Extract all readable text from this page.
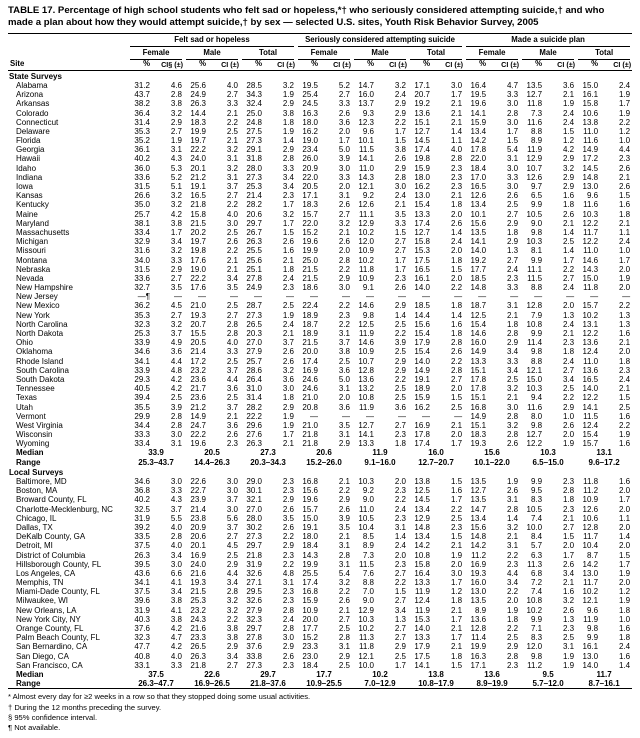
TABLE 17. Percentage of high school students who felt sad or hopeless,*† who seriously considered attempting suicide,† and who made a plan about how they would attempt suicide,† by sex — selected U.S. sites, Youth Risk Behavior Survey, 2005

	Felt sad or hopeless						Seriously considered attempting suicide						Made a suicide plan					

	Female		Male		Total		Female		Male		Total		Female		Male		Total	

Site	%	CI§ (±)	%	CI (±)	%	CI (±)	%	CI (±)	%	CI (±)	%	CI (±)	%	CI (±)	%	CI (±)	%	CI (±)
State Surveys																		
Alabama	31.2	4.6	25.6	4.0	28.5	3.2	19.5	5.2	14.7	3.2	17.1	3.0	16.4	4.7	13.5	3.6	15.0	2.4
Arizona	43.7	2.8	24.9	2.7	34.3	1.9	25.4	2.7	16.0	2.4	20.7	1.7	19.5	3.3	12.7	2.1	16.1	1.9
Arkansas	38.2	3.8	26.3	3.3	32.4	2.9	24.5	3.3	13.7	2.9	19.2	2.1	19.6	3.0	11.8	1.9	15.8	1.7
Colorado	36.4	3.2	14.4	2.1	25.0	3.8	16.3	2.6	9.3	2.9	13.6	2.1	14.1	2.8	7.3	2.4	10.6	1.9
Connecticut	31.4	2.9	18.3	2.2	24.8	1.8	18.0	3.6	12.3	2.2	15.1	2.1	15.9	3.0	11.6	2.4	13.8	2.2
Delaware	35.3	2.7	19.9	2.5	27.5	1.9	16.2	2.0	9.6	1.7	12.7	1.4	13.4	1.7	8.8	1.5	11.0	1.2
Florida	35.2	1.9	19.7	2.1	27.3	1.4	19.0	1.7	10.1	1.5	14.5	1.1	14.2	1.5	8.9	1.2	11.6	1.0
Georgia	36.1	3.1	22.2	3.2	29.1	2.9	23.4	5.0	11.5	3.8	17.4	4.0	17.8	5.4	11.9	4.2	14.9	4.4
Hawaii	40.2	4.3	24.0	3.1	31.8	2.8	26.0	3.9	14.1	2.6	19.8	2.8	22.0	3.1	12.9	2.9	17.2	2.3
Idaho	36.0	5.3	20.1	3.2	28.0	3.3	20.9	3.0	11.0	2.9	15.9	2.3	18.4	3.0	10.7	3.2	14.5	2.6
Indiana	33.6	5.2	21.2	3.1	27.3	3.4	22.0	3.3	14.3	2.8	18.0	2.3	17.0	3.3	12.6	2.9	14.8	2.1
Iowa	31.5	5.1	19.1	3.7	25.3	3.4	20.5	2.0	12.1	3.0	16.2	2.3	16.5	3.0	9.7	2.9	13.0	2.6
Kansas	26.6	3.2	16.5	2.7	21.4	2.3	17.1	3.1	9.2	2.4	13.0	2.1	12.6	2.6	6.5	1.6	9.6	1.5
Kentucky	35.0	3.2	21.8	2.2	28.2	1.7	18.3	2.6	12.6	2.1	15.4	1.8	13.4	2.5	9.9	1.8	11.6	1.6
Maine	25.7	4.2	15.8	4.0	20.6	3.2	15.7	2.7	11.1	3.5	13.3	2.0	10.1	2.7	10.5	2.6	10.3	1.8
Maryland	38.1	3.8	21.5	3.0	29.7	1.7	22.0	3.2	12.9	3.3	17.4	2.6	15.6	2.9	9.0	2.1	12.2	2.1
Massachusetts	33.4	1.7	20.2	2.5	26.7	1.5	15.2	2.1	10.2	1.5	12.7	1.4	13.5	1.8	9.8	1.4	11.7	1.1
Michigan	32.9	3.4	19.7	2.6	26.3	2.6	19.6	2.6	12.0	2.7	15.8	2.4	14.1	2.9	10.3	2.5	12.2	2.4
Missouri	31.6	3.2	19.8	2.2	25.5	1.6	19.9	2.0	10.9	2.7	15.3	2.0	14.0	1.3	8.1	1.4	11.0	1.0
Montana	34.0	3.3	17.6	2.1	25.6	2.1	25.0	2.8	10.2	1.7	17.5	1.8	19.2	2.7	9.9	1.7	14.6	1.7
Nebraska	31.5	2.9	19.0	2.1	25.1	1.8	21.5	2.2	11.8	1.7	16.5	1.5	17.7	2.4	11.1	2.2	14.3	2.0
Nevada	33.6	2.7	22.2	3.4	27.8	2.4	21.5	2.9	10.9	2.3	16.1	2.0	18.5	2.3	11.5	2.7	15.0	1.9
New Hampshire	32.7	3.5	17.6	3.5	24.9	2.3	18.6	3.0	9.1	2.6	14.0	2.2	14.8	3.3	8.8	2.4	11.8	2.0
New Jersey	—¶	—	—	—	—	—	—	—	—	—	—	—	—	—	—	—	—	—
New Mexico	36.2	4.5	21.0	2.5	28.7	2.5	22.4	2.2	14.6	2.9	18.5	1.8	18.7	3.1	12.8	2.0	15.7	2.2
New York	35.3	2.7	19.3	2.7	27.3	1.9	18.9	2.3	9.8	1.4	14.4	1.4	12.5	2.1	7.9	1.3	10.2	1.3
North Carolina	32.3	3.2	20.7	2.8	26.5	2.4	18.7	2.2	12.5	2.5	15.6	1.6	15.4	1.8	10.8	2.4	13.1	1.3
North Dakota	25.3	3.7	15.5	2.8	20.3	2.1	18.9	3.1	11.9	2.2	15.4	1.8	14.6	2.8	9.9	2.1	12.2	1.6
Ohio	33.9	4.9	20.5	4.0	27.0	3.7	21.5	3.7	14.6	3.9	17.9	2.8	16.0	2.9	11.4	2.3	13.6	2.1
Oklahoma	34.6	3.6	21.4	3.3	27.9	2.6	20.0	3.8	10.9	2.5	15.4	2.6	14.9	3.4	9.8	1.8	12.4	2.0
Rhode Island	34.1	4.4	17.2	2.5	25.7	2.6	17.4	2.5	10.7	2.9	14.0	2.2	13.3	3.3	8.8	2.4	11.0	1.8
South Carolina	33.9	4.8	23.2	3.7	28.6	3.2	16.9	3.6	12.8	2.9	14.9	2.8	15.1	3.4	12.1	2.7	13.6	2.3
South Dakota	29.3	4.2	23.6	4.4	26.4	3.6	24.6	5.0	13.6	2.2	19.1	2.7	17.8	2.5	15.0	3.4	16.5	2.4
Tennessee	40.5	4.2	21.7	3.6	31.0	3.0	24.6	3.1	13.2	2.5	18.9	2.0	17.8	3.2	10.3	2.5	14.0	2.1
Texas	39.4	2.5	23.6	2.5	31.4	1.8	21.0	2.0	10.8	2.5	15.9	1.5	15.1	2.1	9.4	2.2	12.2	1.5
Utah	35.5	3.9	21.2	3.7	28.2	2.9	20.8	3.6	11.9	3.6	16.2	2.5	16.8	3.0	11.6	2.9	14.1	2.5
Vermont	29.9	2.8	14.9	2.1	22.2	1.9	—	—	—	—	—	—	14.9	2.8	8.0	1.0	11.5	1.6
West Virginia	34.4	2.8	24.7	3.6	29.6	1.9	21.0	3.5	12.7	2.7	16.9	2.1	15.1	3.2	9.8	2.6	12.4	2.2
Wisconsin	33.3	3.0	22.2	2.6	27.6	1.7	21.8	3.1	14.1	2.3	17.8	2.0	18.3	2.8	12.7	2.0	15.4	1.9
Wyoming	33.4	3.1	19.6	2.3	26.3	2.1	21.8	2.9	13.3	1.8	17.4	1.7	19.3	2.6	12.2	1.9	15.7	1.6
Median	33.9		20.5		27.3		20.6		11.9		16.0		15.6		10.3		13.1	
Range	25.3–43.7		14.4–26.3		20.3–34.3		15.2–26.0		9.1–16.0		12.7–20.7		10.1–22.0		6.5–15.0		9.6–17.2	
Local Surveys																		
Baltimore, MD	34.6	3.0	22.6	3.0	29.0	2.3	16.8	2.1	10.3	2.0	13.8	1.5	13.5	1.9	9.9	2.3	11.8	1.6
Boston, MA	36.8	3.3	22.7	3.0	30.1	2.3	15.6	2.2	9.2	2.3	12.5	1.6	12.7	2.6	9.5	2.8	11.2	2.0
Broward County, FL	40.2	4.3	23.9	3.7	32.1	2.9	19.6	2.9	9.0	2.2	14.5	1.7	13.5	3.1	8.3	1.8	10.9	1.7
Charlotte-Mecklenburg, NC	32.5	3.7	21.4	3.0	27.0	2.6	15.7	2.6	11.0	2.4	13.4	2.2	14.7	2.8	10.5	2.3	12.6	2.0
Chicago, IL	31.9	5.5	23.8	5.6	28.0	3.5	15.0	3.9	10.5	2.3	12.9	2.5	13.4	1.4	7.4	2.1	10.6	1.1
Dallas, TX	39.2	4.0	20.9	3.7	30.2	2.6	19.1	3.5	10.4	3.1	14.8	2.3	15.6	3.2	10.0	2.7	12.8	2.0
DeKalb County, GA	33.5	2.8	20.6	2.7	27.3	2.2	18.0	2.1	8.5	1.4	13.4	1.5	14.8	2.1	8.4	1.5	11.7	1.4
Detroit, MI	37.5	4.0	20.1	4.5	29.7	2.9	18.4	3.1	8.9	2.4	14.2	2.1	14.2	3.1	5.7	2.0	10.4	2.0
District of Columbia	26.3	3.4	16.9	2.5	21.8	2.3	14.3	2.8	7.3	2.0	10.8	1.9	11.2	2.2	6.3	1.7	8.7	1.5
Hillsborough County, FL	39.5	3.0	24.0	2.9	31.9	2.2	19.9	3.1	11.5	2.3	15.8	2.0	16.9	2.3	11.3	2.6	14.2	1.7
Los Angeles, CA	43.6	6.6	21.6	4.4	32.6	4.8	25.5	5.4	7.6	2.7	16.4	3.0	19.3	4.4	6.8	3.4	13.0	1.9
Memphis, TN	34.1	4.1	19.3	3.4	27.1	3.1	17.4	3.2	8.8	2.2	13.3	1.7	16.0	3.4	7.2	2.1	11.7	2.0
Miami-Dade County, FL	37.5	3.4	21.5	2.8	29.5	2.3	16.8	2.2	7.0	1.5	11.9	1.2	13.0	2.2	7.4	1.6	10.2	1.2
Milwaukee, WI	39.6	3.8	25.3	3.2	32.6	2.3	15.9	2.6	9.0	2.7	12.4	1.8	13.5	2.0	10.8	3.2	12.1	1.9
New Orleans, LA	31.9	4.1	23.2	3.2	27.9	2.8	10.9	2.1	12.9	3.4	11.9	2.1	8.9	1.9	10.2	2.6	9.6	1.8
New York City, NY	40.3	3.8	24.3	2.2	32.3	2.4	20.0	2.7	10.3	1.3	15.3	1.7	13.6	1.8	9.9	1.3	11.9	1.0
Orange County, FL	37.6	4.2	21.6	3.8	29.7	2.8	17.7	2.5	10.2	2.7	14.0	2.1	12.8	2.2	7.1	2.3	9.8	1.6
Palm Beach County, FL	32.3	4.7	23.3	3.8	27.8	3.0	15.2	2.8	11.3	2.7	13.3	1.7	11.4	2.5	8.3	2.5	9.9	1.8
San Bernardino, CA	47.7	4.2	26.5	2.9	37.6	2.9	23.3	3.1	11.8	2.9	17.9	2.1	19.9	2.9	12.0	3.1	16.1	2.4
San Diego, CA	40.8	4.0	26.3	3.4	33.8	2.6	23.0	2.9	12.1	2.5	17.5	1.8	16.3	2.8	9.8	1.9	13.0	1.6
San Francisco, CA	33.1	3.3	21.8	2.7	27.3	2.3	18.4	2.5	10.0	1.7	14.1	1.5	17.1	2.3	11.2	1.9	14.0	1.4
Median	37.5		22.6		29.7		17.7		10.2		13.8		13.6		9.5		11.7	
Range	26.3–47.7		16.9–26.5		21.8–37.6		10.9–25.5		7.0–12.9		10.8–17.9		8.9–19.9		5.7–12.0		8.7–16.1	
* Almost every day for ≥2 weeks in a row so that they stopped doing some usual activities.
† During the 12 months preceding the survey.
§ 95% confidence interval.
¶ Not available.
